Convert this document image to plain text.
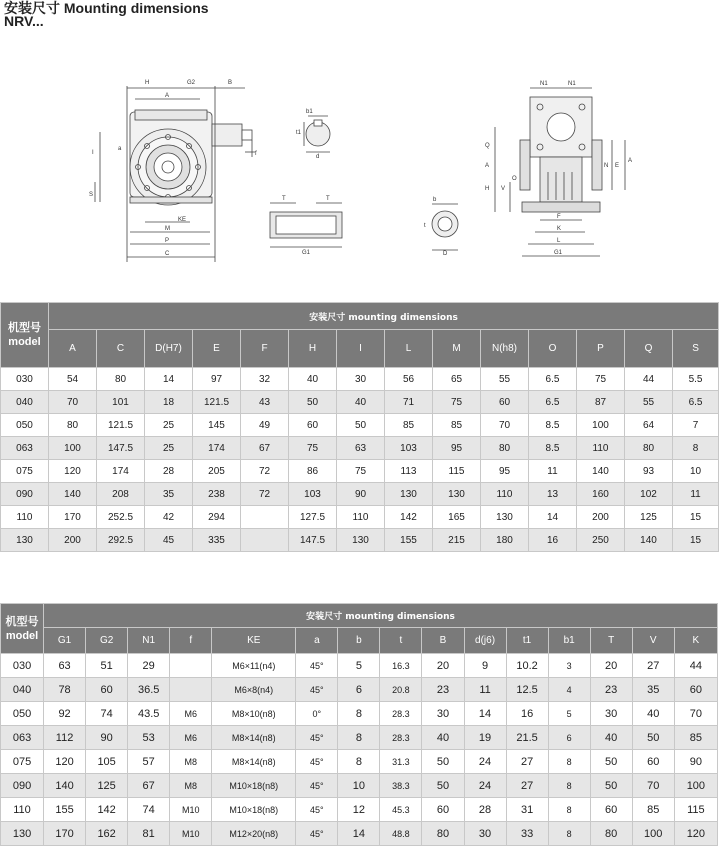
安装尺寸 Mounting dimensions
NRV...
H	G2	B
A
I
S
a
f
KE
M
P
C
b1
t1
d
T	T
G1
b
t
D
N1	N1
Q
A
H V
O
N E
A
F
K
L
G1
机型号
model	安装尺寸 mounting dimensions													
	A	C	D(H7)	E	F	H	I	L	M	N(h8)	O	P	Q	S
030	54	80	14	97	32	40	30	56	65	55	6.5	75	44	5.5
040	70	101	18	121.5	43	50	40	71	75	60	6.5	87	55	6.5
050	80	121.5	25	145	49	60	50	85	85	70	8.5	100	64	7
063	100	147.5	25	174	67	75	63	103	95	80	8.5	110	80	8
075	120	174	28	205	72	86	75	113	115	95	11	140	93	10
090	140	208	35	238	72	103	90	130	130	110	13	160	102	11
110	170	252.5	42	294		127.5	110	142	165	130	14	200	125	15
130	200	292.5	45	335		147.5	130	155	215	180	16	250	140	15
机型号
model	安装尺寸 mounting dimensions														
	G1	G2	N1	f	KE	a	b	t	B	d(j6)	t1	b1	T	V	K
030	63	51	29		M6×11(n4)	45°	5	16.3	20	9	10.2	3	20	27	44
040	78	60	36.5		M6×8(n4)	45°	6	20.8	23	11	12.5	4	23	35	60
050	92	74	43.5	M6	M8×10(n8)	0°	8	28.3	30	14	16	5	30	40	70
063	112	90	53	M6	M8×14(n8)	45°	8	28.3	40	19	21.5	6	40	50	85
075	120	105	57	M8	M8×14(n8)	45°	8	31.3	50	24	27	8	50	60	90
090	140	125	67	M8	M10×18(n8)	45°	10	38.3	50	24	27	8	50	70	100
110	155	142	74	M10	M10×18(n8)	45°	12	45.3	60	28	31	8	60	85	115
130	170	162	81	M10	M12×20(n8)	45°	14	48.8	80	30	33	8	80	100	120
